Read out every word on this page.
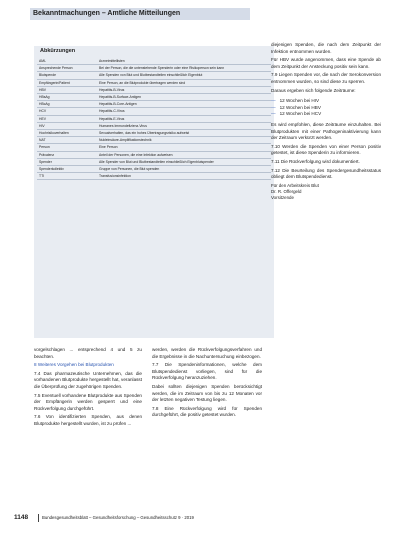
Bekanntmachungen – Amtliche Mitteilungen
Abkürzungen
AML	Arzneimittellisten
Ansprechende Person	Bei der Person, die die untenstehende Spenderin oder eine Risikoperson sein kann
Blutspende	Alle Spenden von Blut und Blutbestandteilen einschließlich Eigenblut
Empfängerin/Patient	Eine Person, an die Blutprodukte übertragen werden sind
HBV	Hepatitis-B-Virus
HBsAg	Hepatitis-B-Surface-Antigen
HBcAg	Hepatitis-B-Core-Antigen
HCV	Hepatitis-C-Virus
HEV	Hepatitis-E-Virus
HIV	Humanes Immundefizienz-Virus
Hochrisikoverhalten	Sexualverhalten, das ein hohes Übertragungsrisiko aufweist
NAT	Nukleinsäure-Amplifikationstechnik
Person	Eine Person
Prävalenz	Anteil der Personen, die eine Infektion aufweisen
Spender	Alle Spender von Blut und Blutbestandteilen einschließlich Eigenblutspender
Spenderkollektiv	Gruppe von Personen, die Blut spenden
TTI	Transfusionsinfektion

vorgelschlagen ... entsprechend 4 und 5 zu beachten.

8 Weiteres Vorgehen bei Blutprodukten

7.4 Das pharmazeutische Unternehmen, das die vorhandenen Blutprodukte hergestellt hat, veranlasst die Überprüfung der zugehörigen Spenden.

7.5 Eventuell vorhandene Blutprodukte aus Spenden der Empfängerin werden gesperrt und eine Rückverfolgung durchgeführt.

7.6 Von identifizierten Spenden, aus denen Blutprodukte hergestellt wurden, ist zu prüfen ...

werden, werden die Rückverfolgungsverfahren und die Ergebnisse in die Nachuntersuchung einbezogen.

7.7 Die Spendeninformationen, welche dem Blutspendedienst vorliegen, sind für die Rückverfolgung heranzuziehen.

Dabei sollten diejenigen Spenden berücksichtigt werden, die im Zeitraum von bis zu 12 Monaten vor der letzten negativen Testung liegen.

7.8 Eine Rückverfolgung wird für Spenden durchgeführt, die positiv getestet wurden.

diejenigen Spenden, die nach dem Zeitpunkt der Infektion entnommen wurden.

Für HBV wurde angenommen, dass eine Spende ab dem Zeitpunkt der Ansteckung positiv sein kann.

7.9 Liegen Spenden vor, die nach der Serokonversion entnommen wurden, so sind diese zu sperren.

Daraus ergeben sich folgende Zeiträume:

— 12 Wochen bei HIV
— 12 Wochen bei HBV
— 12 Wochen bei HCV

Es wird empfohlen, diese Zeiträume einzuhalten. Bei Blutprodukten mit einer Pathogeninaktivierung kann der Zeitraum verkürzt werden.

7.10 Werden die Spenden von einer Person positiv getestet, ist diese Spenderin zu informieren.

7.11 Die Rückverfolgung wird dokumentiert.

7.12 Die Beurteilung des Spendergesundheitsstatus obliegt dem Blutspendedienst.

Für den Arbeitskreis Blut
Dr. R. Offergeld
Vorsitzende
1148	Bundesgesundheitsblatt – Gesundheitsforschung – Gesundheitsschutz 9 · 2019
